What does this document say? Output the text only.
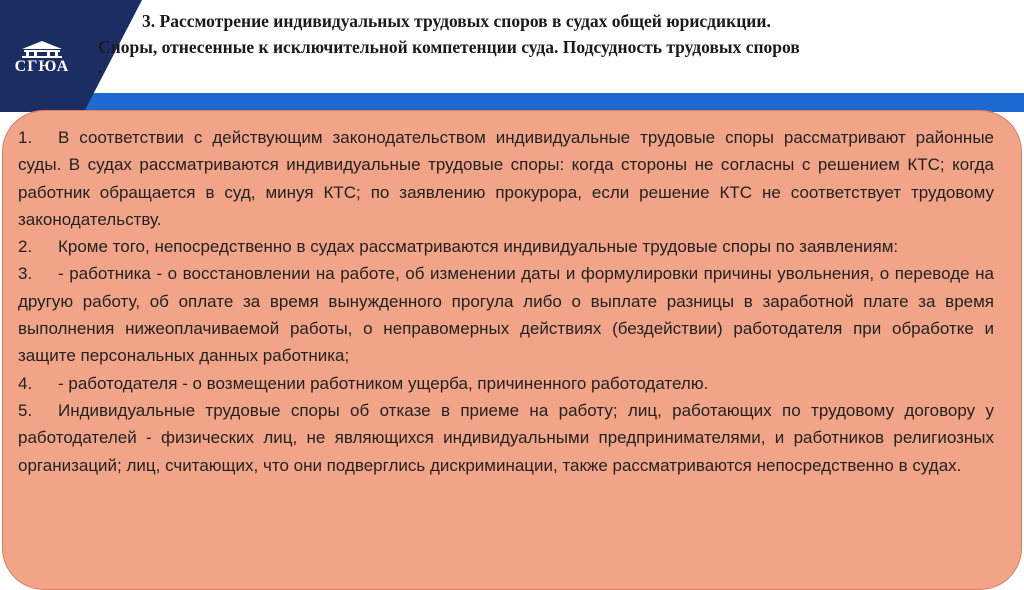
СГЮА
3. Рассмотрение индивидуальных трудовых споров в судах общей юрисдикции.
Споры, отнесенные к исключительной компетенции суда. Подсудность трудовых споров
.

1. В соответствии с действующим законодательством индивидуальные трудовые споры рассматривают районные суды. В судах рассматриваются индивидуальные трудовые споры: когда стороны не согласны с решением КТС; когда работник обращается в суд, минуя КТС; по заявлению прокурора, если решение КТС не соответствует трудовому законодательству.

2. Кроме того, непосредственно в судах рассматриваются индивидуальные трудовые споры по заявлениям:

3. - работника - о восстановлении на работе, об изменении даты и формулировки причины увольнения, о переводе на другую работу, об оплате за время вынужденного прогула либо о выплате разницы в заработной плате за время выполнения нижеоплачиваемой работы, о неправомерных действиях (бездействии) работодателя при обработке и защите персональных данных работника;

4. - работодателя - о возмещении работником ущерба, причиненного работодателю.

5. Индивидуальные трудовые споры об отказе в приеме на работу; лиц, работающих по трудовому договору у работодателей - физических лиц, не являющихся индивидуальными предпринимателями, и работников религиозных организаций; лиц, считающих, что они подверглись дискриминации, также рассматриваются непосредственно в судах.
